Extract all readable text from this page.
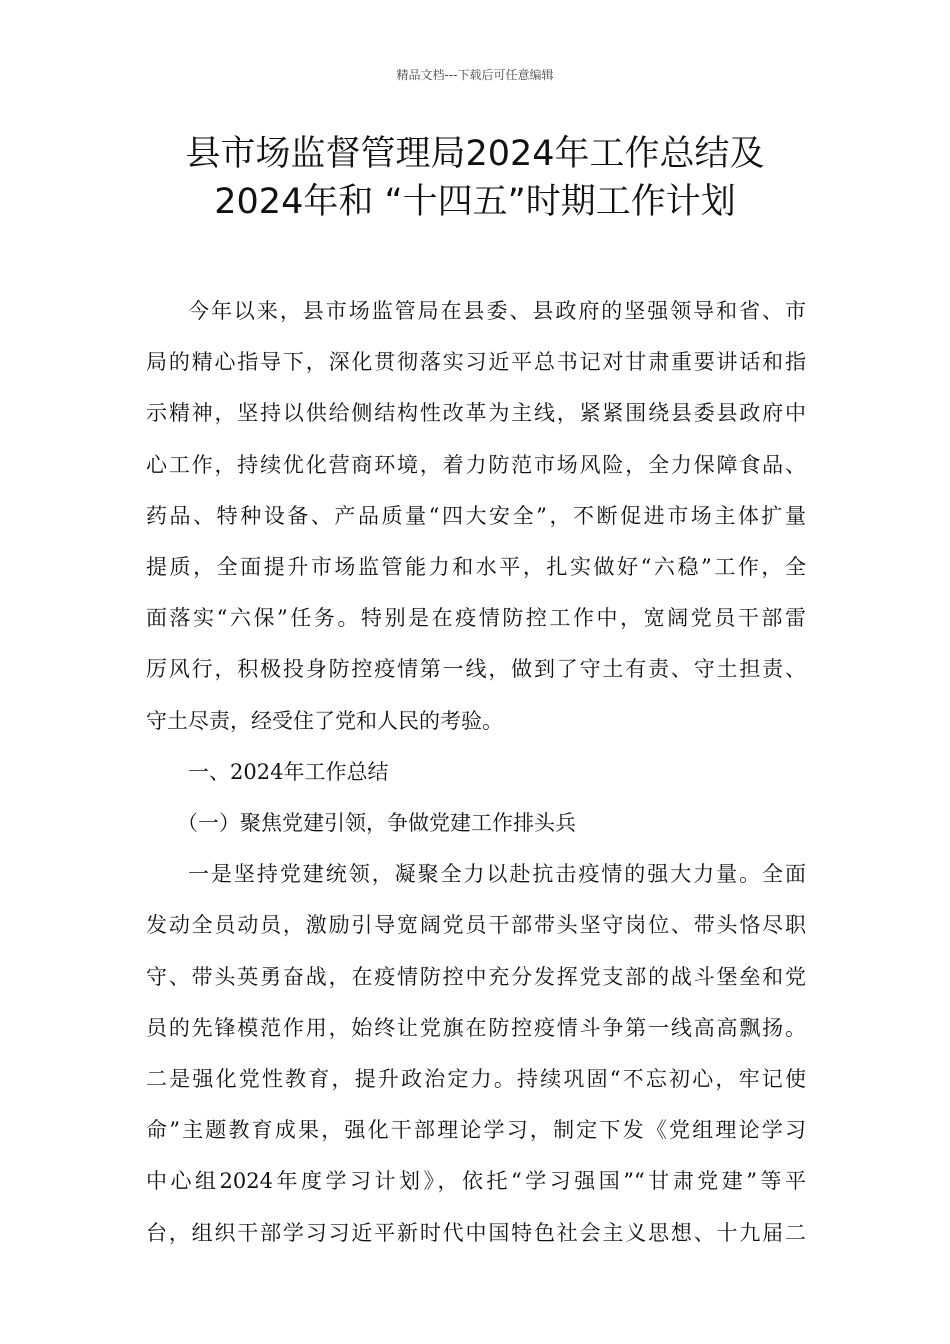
精品文档---下载后可任意编辑
县市场监督管理局2024年工作总结及
2024年和 “十四五”时期工作计划
今年以来，县市场监管局在县委、县政府的坚强领导和省、市
局的精心指导下，深化贯彻落实习近平总书记对甘肃重要讲话和指
示精神，坚持以供给侧结构性改革为主线，紧紧围绕县委县政府中
心工作，持续优化营商环境，着力防范市场风险，全力保障食品、
药品、特种设备、产品质量“四大安全”，不断促进市场主体扩量
提质，全面提升市场监管能力和水平，扎实做好“六稳”工作，全
面落实“六保”任务。特别是在疫情防控工作中，宽阔党员干部雷
厉风行，积极投身防控疫情第一线，做到了守土有责、守土担责、
守土尽责，经受住了党和人民的考验。

一、2024年工作总结

（一）聚焦党建引领，争做党建工作排头兵

一是坚持党建统领，凝聚全力以赴抗击疫情的强大力量。全面
发动全员动员，激励引导宽阔党员干部带头坚守岗位、带头恪尽职
守、带头英勇奋战，在疫情防控中充分发挥党支部的战斗堡垒和党
员的先锋模范作用，始终让党旗在防控疫情斗争第一线高高飘扬。
二是强化党性教育，提升政治定力。持续巩固“不忘初心，牢记使
命”主题教育成果，强化干部理论学习，制定下发《党组理论学习
中心组2024年度学习计划》，依托“学习强国”“甘肃党建”等平
台，组织干部学习习近平新时代中国特色社会主义思想、十九届二
